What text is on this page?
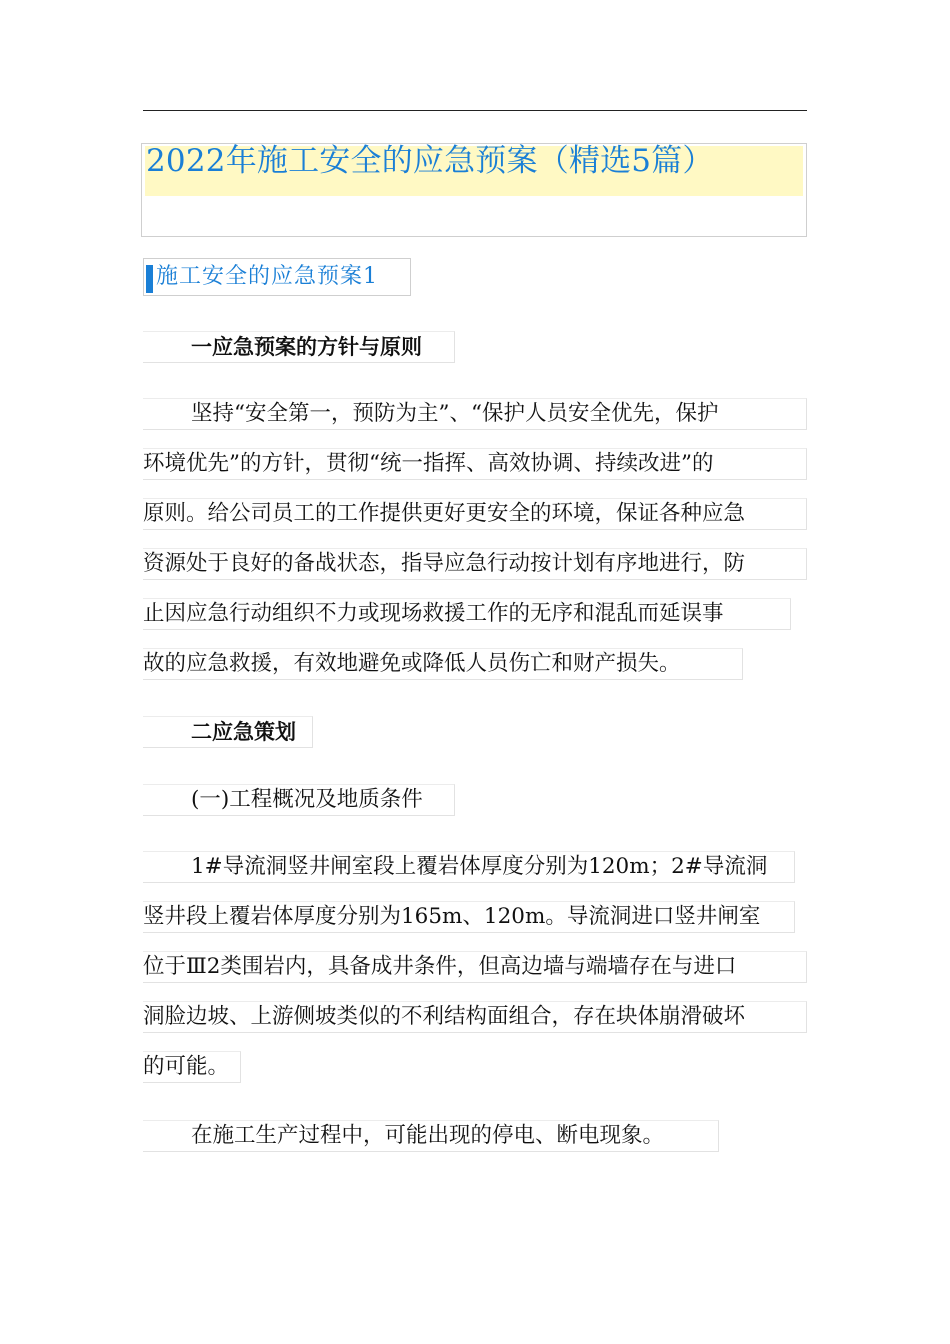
2022年施工安全的应急预案（精选5篇）
施工安全的应急预案1
一应急预案的方针与原则
坚持“安全第一，预防为主”、“保护人员安全优先，保护
环境优先”的方针，贯彻“统一指挥、高效协调、持续改进”的
原则。给公司员工的工作提供更好更安全的环境，保证各种应急
资源处于良好的备战状态，指导应急行动按计划有序地进行，防
止因应急行动组织不力或现场救援工作的无序和混乱而延误事
故的应急救援，有效地避免或降低人员伤亡和财产损失。
二应急策划
(一)工程概况及地质条件
1#导流洞竖井闸室段上覆岩体厚度分别为120m；2#导流洞
竖井段上覆岩体厚度分别为165m、120m。导流洞进口竖井闸室
位于Ⅲ2类围岩内，具备成井条件，但高边墙与端墙存在与进口
洞脸边坡、上游侧坡类似的不利结构面组合，存在块体崩滑破坏
的可能。
在施工生产过程中，可能出现的停电、断电现象。
